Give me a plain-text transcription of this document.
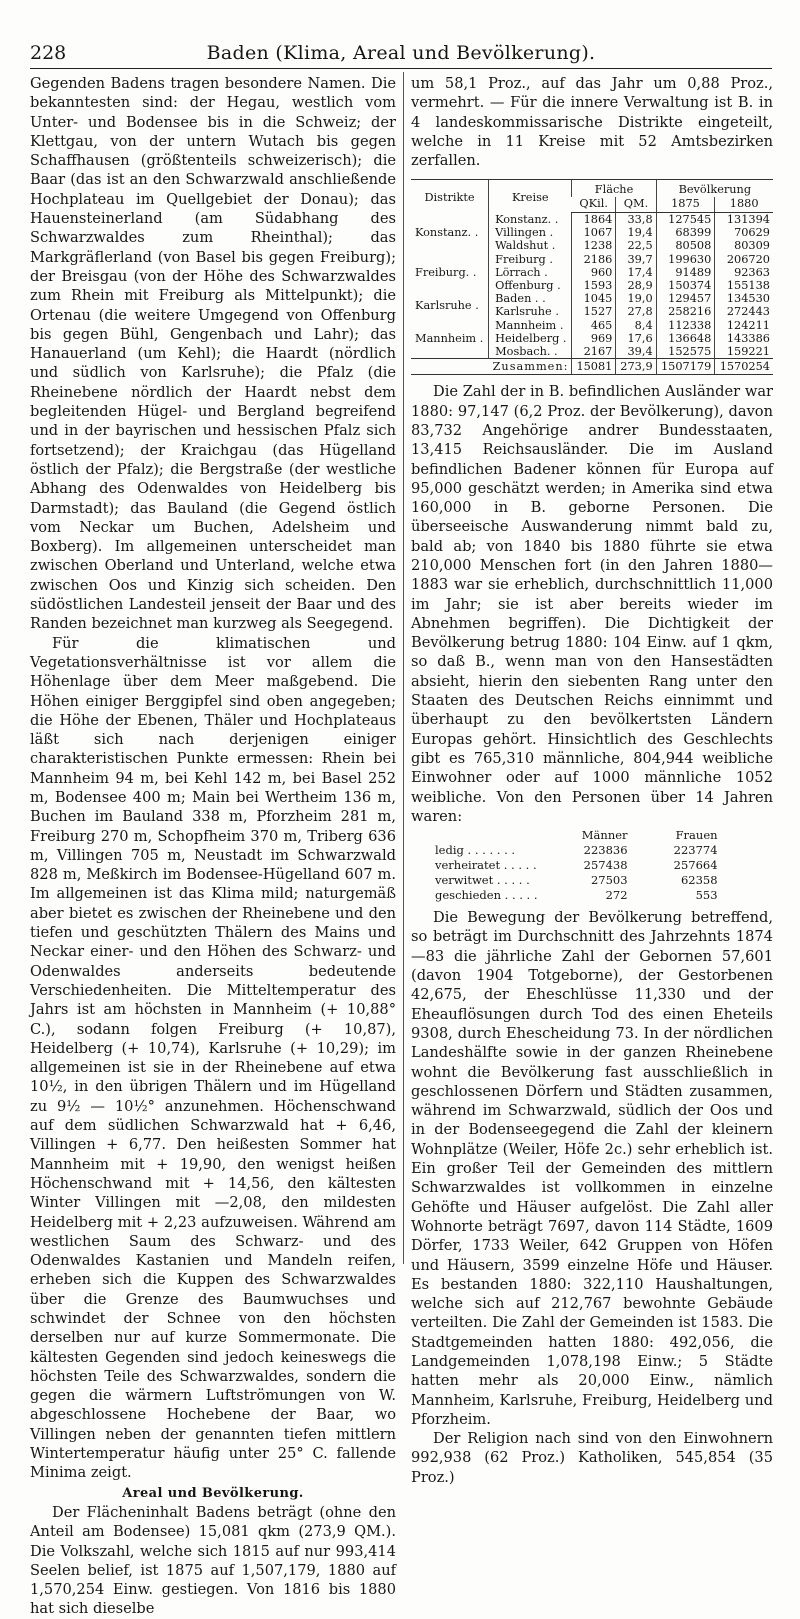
228	Baden (Klima, Areal und Bevölkerung).

Gegenden Badens tragen besondere Namen. Die bekanntesten sind: der Hegau, westlich vom Unter- und Bodensee bis in die Schweiz; der Klettgau, von der untern Wutach bis gegen Schaffhausen (größtenteils schweizerisch); die Baar (das ist an den Schwarzwald anschließende Hochplateau im Quellgebiet der Donau); das Hauensteinerland (am Südabhang des Schwarzwaldes zum Rheinthal); das Markgräflerland (von Basel bis gegen Freiburg); der Breisgau (von der Höhe des Schwarzwaldes zum Rhein mit Freiburg als Mittelpunkt); die Ortenau (die weitere Umgegend von Offenburg bis gegen Bühl, Gengenbach und Lahr); das Hanauerland (um Kehl); die Haardt (nördlich und südlich von Karlsruhe); die Pfalz (die Rheinebene nördlich der Haardt nebst dem begleitenden Hügel- und Bergland begreifend und in der bayrischen und hessischen Pfalz sich fortsetzend); der Kraichgau (das Hügelland östlich der Pfalz); die Bergstraße (der westliche Abhang des Odenwaldes von Heidelberg bis Darmstadt); das Bauland (die Gegend östlich vom Neckar um Buchen, Adelsheim und Boxberg). Im allgemeinen unterscheidet man zwischen Oberland und Unterland, welche etwa zwischen Oos und Kinzig sich scheiden. Den südöstlichen Landesteil jenseit der Baar und des Randen bezeichnet man kurzweg als Seegegend.

Für die klimatischen und Vegetationsverhältnisse ist vor allem die Höhenlage über dem Meer maßgebend. Die Höhen einiger Berggipfel sind oben angegeben; die Höhe der Ebenen, Thäler und Hochplateaus läßt sich nach derjenigen einiger charakteristischen Punkte ermessen: Rhein bei Mannheim 94 m, bei Kehl 142 m, bei Basel 252 m, Bodensee 400 m; Main bei Wertheim 136 m, Buchen im Bauland 338 m, Pforzheim 281 m, Freiburg 270 m, Schopfheim 370 m, Triberg 636 m, Villingen 705 m, Neustadt im Schwarzwald 828 m, Meßkirch im Bodensee-Hügelland 607 m. Im allgemeinen ist das Klima mild; naturgemäß aber bietet es zwischen der Rheinebene und den tiefen und geschützten Thälern des Mains und Neckar einer- und den Höhen des Schwarz- und Odenwaldes anderseits bedeutende Verschiedenheiten. Die Mitteltemperatur des Jahrs ist am höchsten in Mannheim (+ 10,88° C.), sodann folgen Freiburg (+ 10,87), Heidelberg (+ 10,74), Karlsruhe (+ 10,29); im allgemeinen ist sie in der Rheinebene auf etwa 10½, in den übrigen Thälern und im Hügelland zu 9½ — 10½° anzunehmen. Höchenschwand auf dem südlichen Schwarzwald hat + 6,46, Villingen + 6,77. Den heißesten Sommer hat Mannheim mit + 19,90, den wenigst heißen Höchenschwand mit + 14,56, den kältesten Winter Villingen mit —2,08, den mildesten Heidelberg mit + 2,23 aufzuweisen. Während am westlichen Saum des Schwarz- und des Odenwaldes Kastanien und Mandeln reifen, erheben sich die Kuppen des Schwarzwaldes über die Grenze des Baumwuchses und schwindet der Schnee von den höchsten derselben nur auf kurze Sommermonate. Die kältesten Gegenden sind jedoch keineswegs die höchsten Teile des Schwarzwaldes, sondern die gegen die wärmern Luftströmungen von W. abgeschlossene Hochebene der Baar, wo Villingen neben der genannten tiefen mittlern Wintertemperatur häufig unter 25° C. fallende Minima zeigt.

Areal und Bevölkerung.

Der Flächeninhalt Badens beträgt (ohne den Anteil am Bodensee) 15,081 qkm (273,9 QM.). Die Volkszahl, welche sich 1815 auf nur 993,414 Seelen belief, ist 1875 auf 1,507,179, 1880 auf 1,570,254 Einw. gestiegen. Von 1816 bis 1880 hat sich dieselbe

um 58,1 Proz., auf das Jahr um 0,88 Proz., vermehrt. — Für die innere Verwaltung ist B. in 4 landeskommissarische Distrikte eingeteilt, welche in 11 Kreise mit 52 Amtsbezirken zerfallen.

Distrikte	Kreise	Fläche		Bevölkerung	
		QKil.	QM.	1875	1880
Konstanz. .	Konstanz. .	1864	33,8	127545	131394
	Villingen .	1067	19,4	68399	70629
	Waldshut .	1238	22,5	80508	80309
Freiburg. .	Freiburg .	2186	39,7	199630	206720
	Lörrach .	960	17,4	91489	92363
	Offenburg .	1593	28,9	150374	155138
Karlsruhe .	Baden . .	1045	19,0	129457	134530
	Karlsruhe .	1527	27,8	258216	272443
Mannheim .	Mannheim .	465	8,4	112338	124211
	Heidelberg .	969	17,6	136648	143386
	Mosbach. .	2167	39,4	152575	159221
Zusammen:		15081	273,9	1507179	1570254

Die Zahl der in B. befindlichen Ausländer war 1880: 97,147 (6,2 Proz. der Bevölkerung), davon 83,732 Angehörige andrer Bundesstaaten, 13,415 Reichsausländer. Die im Ausland befindlichen Badener können für Europa auf 95,000 geschätzt werden; in Amerika sind etwa 160,000 in B. geborne Personen. Die überseeische Auswanderung nimmt bald zu, bald ab; von 1840 bis 1880 führte sie etwa 210,000 Menschen fort (in den Jahren 1880—1883 war sie erheblich, durchschnittlich 11,000 im Jahr; sie ist aber bereits wieder im Abnehmen begriffen). Die Dichtigkeit der Bevölkerung betrug 1880: 104 Einw. auf 1 qkm, so daß B., wenn man von den Hansestädten absieht, hierin den siebenten Rang unter den Staaten des Deutschen Reichs einnimmt und überhaupt zu den bevölkertsten Ländern Europas gehört. Hinsichtlich des Geschlechts gibt es 765,310 männliche, 804,944 weibliche Einwohner oder auf 1000 männliche 1052 weibliche. Von den Personen über 14 Jahren waren:

	Männer	Frauen
ledig . . . . . . .	223836	223774
verheiratet . . . . .	257438	257664
verwitwet . . . . .	27503	62358
geschieden . . . . .	272	553

Die Bewegung der Bevölkerung betreffend, so beträgt im Durchschnitt des Jahrzehnts 1874—83 die jährliche Zahl der Gebornen 57,601 (davon 1904 Totgeborne), der Gestorbenen 42,675, der Eheschlüsse 11,330 und der Eheauflösungen durch Tod des einen Eheteils 9308, durch Ehescheidung 73. In der nördlichen Landeshälfte sowie in der ganzen Rheinebene wohnt die Bevölkerung fast ausschließlich in geschlossenen Dörfern und Städten zusammen, während im Schwarzwald, südlich der Oos und in der Bodenseegegend die Zahl der kleinern Wohnplätze (Weiler, Höfe 2c.) sehr erheblich ist. Ein großer Teil der Gemeinden des mittlern Schwarzwaldes ist vollkommen in einzelne Gehöfte und Häuser aufgelöst. Die Zahl aller Wohnorte beträgt 7697, davon 114 Städte, 1609 Dörfer, 1733 Weiler, 642 Gruppen von Höfen und Häusern, 3599 einzelne Höfe und Häuser. Es bestanden 1880: 322,110 Haushaltungen, welche sich auf 212,767 bewohnte Gebäude verteilten. Die Zahl der Gemeinden ist 1583. Die Stadtgemeinden hatten 1880: 492,056, die Landgemeinden 1,078,198 Einw.; 5 Städte hatten mehr als 20,000 Einw., nämlich Mannheim, Karlsruhe, Freiburg, Heidelberg und Pforzheim.

Der Religion nach sind von den Einwohnern 992,938 (62 Proz.) Katholiken, 545,854 (35 Proz.)
